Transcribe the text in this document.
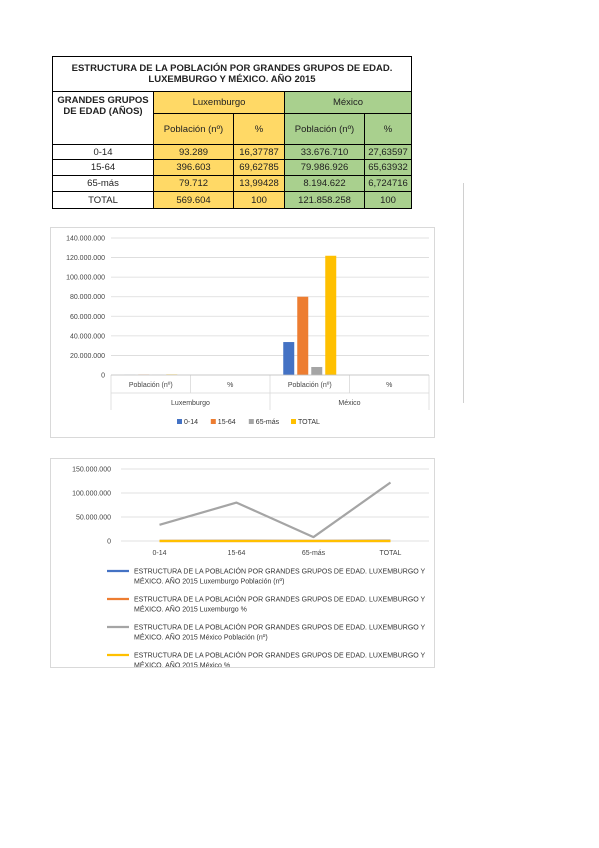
ESTRUCTURA DE LA POBLACIÓN POR GRANDES GRUPOS DE EDAD.
LUXEMBURGO Y MÉXICO. AÑO 2015
GRANDES GRUPOS
DE EDAD (AÑOS)
Luxemburgo	México
Población (nº)	%	Población (nº)	%
0-14	93.289	16,37787	33.676.710	27,63597
15-64	396.603	69,62785	79.986.926	65,63932
65-más	79.712	13,99428	8.194.622	6,724716
TOTAL	569.604	100	121.858.258	100
0
20.000.000
40.000.000
60.000.000
80.000.000
100.000.000
120.000.000
140.000.000
Población (nº)	%	Población (nº)	%
Luxemburgo	México
0-14	15-64	65-más	TOTAL
0
50.000.000
100.000.000
150.000.000
0-14	15-64	65-más	TOTAL
ESTRUCTURA DE LA POBLACIÓN POR GRANDES GRUPOS DE EDAD. LUXEMBURGO Y
MÉXICO. AÑO 2015 Luxemburgo Población (nº)
ESTRUCTURA DE LA POBLACIÓN POR GRANDES GRUPOS DE EDAD. LUXEMBURGO Y
MÉXICO. AÑO 2015 Luxemburgo %
ESTRUCTURA DE LA POBLACIÓN POR GRANDES GRUPOS DE EDAD. LUXEMBURGO Y
MÉXICO. AÑO 2015 México Población (nº)
ESTRUCTURA DE LA POBLACIÓN POR GRANDES GRUPOS DE EDAD. LUXEMBURGO Y
MÉXICO. AÑO 2015 México %
